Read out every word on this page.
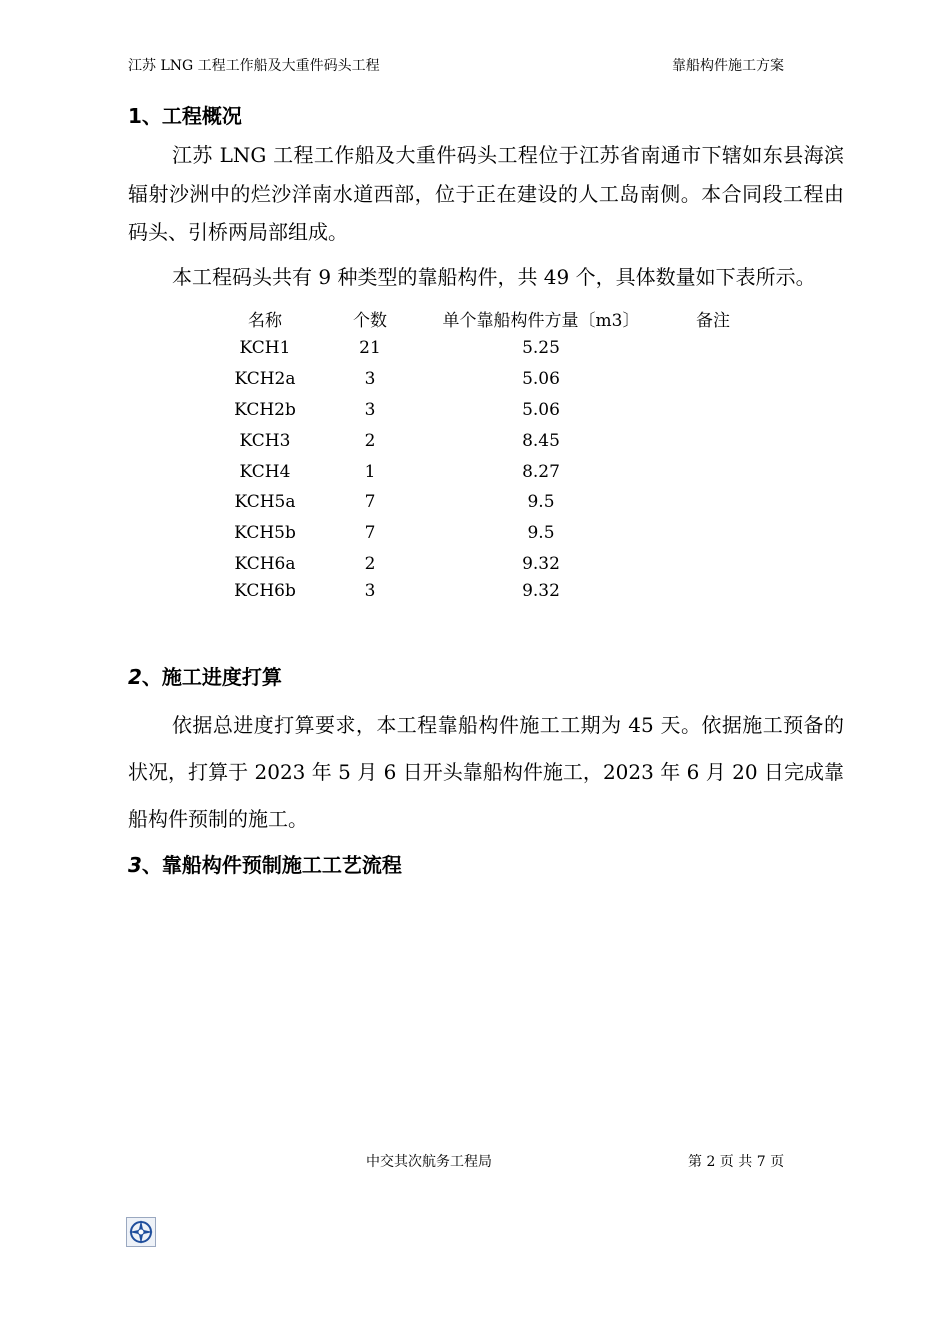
江苏 LNG 工程工作船及大重件码头工程	靠船构件施工方案
1、工程概况

江苏 LNG 工程工作船及大重件码头工程位于江苏省南通市下辖如东县海滨辐射沙洲中的烂沙洋南水道西部，位于正在建设的人工岛南侧。本合同段工程由码头、引桥两局部组成。

本工程码头共有 9 种类型的靠船构件，共 49 个，具体数量如下表所示。

名称	个数	单个靠船构件方量〔m3〕	备注
KCH1	21	5.25
KCH2a	3	5.06
KCH2b	3	5.06
KCH3	2	8.45
KCH4	1	8.27
KCH5a	7	9.5
KCH5b	7	9.5
KCH6a	2	9.32
KCH6b	3	9.32
2、施工进度打算

依据总进度打算要求，本工程靠船构件施工工期为 45 天。依据施工预备的状况，打算于 2023 年 5 月 6 日开头靠船构件施工，2023 年 6 月 20 日完成靠船构件预制的施工。

3、靠船构件预制施工工艺流程
中交其次航务工程局	第 2 页 共 7 页
